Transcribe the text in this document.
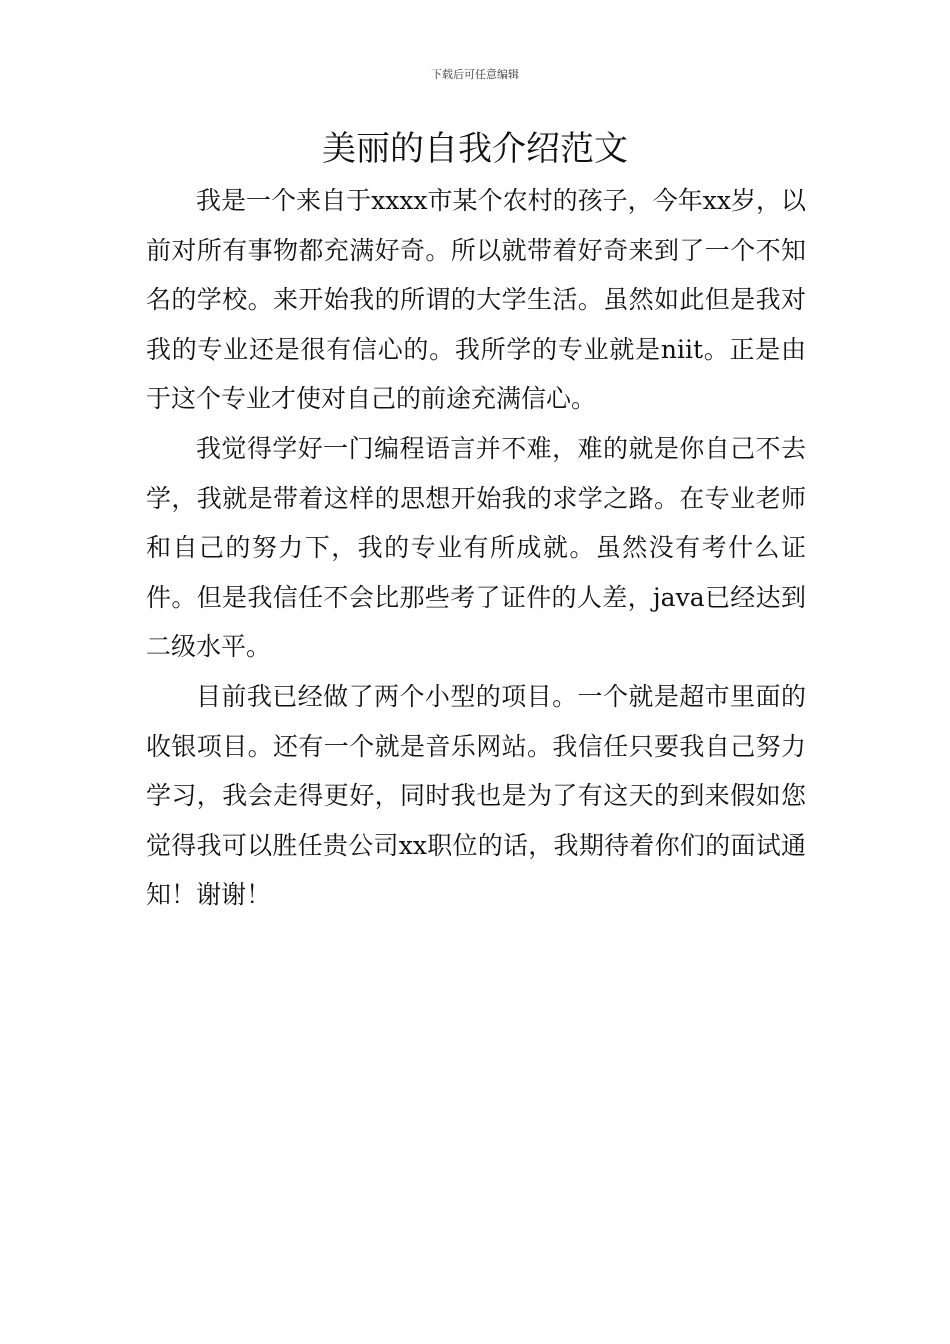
下载后可任意编辑
美丽的自我介绍范文

我是一个来自于xxxx市某个农村的孩子，今年xx岁，以前对所有事物都充满好奇。所以就带着好奇来到了一个不知名的学校。来开始我的所谓的大学生活。虽然如此但是我对我的专业还是很有信心的。我所学的专业就是niit。正是由于这个专业才使对自己的前途充满信心。

我觉得学好一门编程语言并不难，难的就是你自己不去学，我就是带着这样的思想开始我的求学之路。在专业老师和自己的努力下，我的专业有所成就。虽然没有考什么证件。但是我信任不会比那些考了证件的人差，java已经达到二级水平。

目前我已经做了两个小型的项目。一个就是超市里面的收银项目。还有一个就是音乐网站。我信任只要我自己努力学习，我会走得更好，同时我也是为了有这天的到来假如您觉得我可以胜任贵公司xx职位的话，我期待着你们的面试通知！谢谢！
